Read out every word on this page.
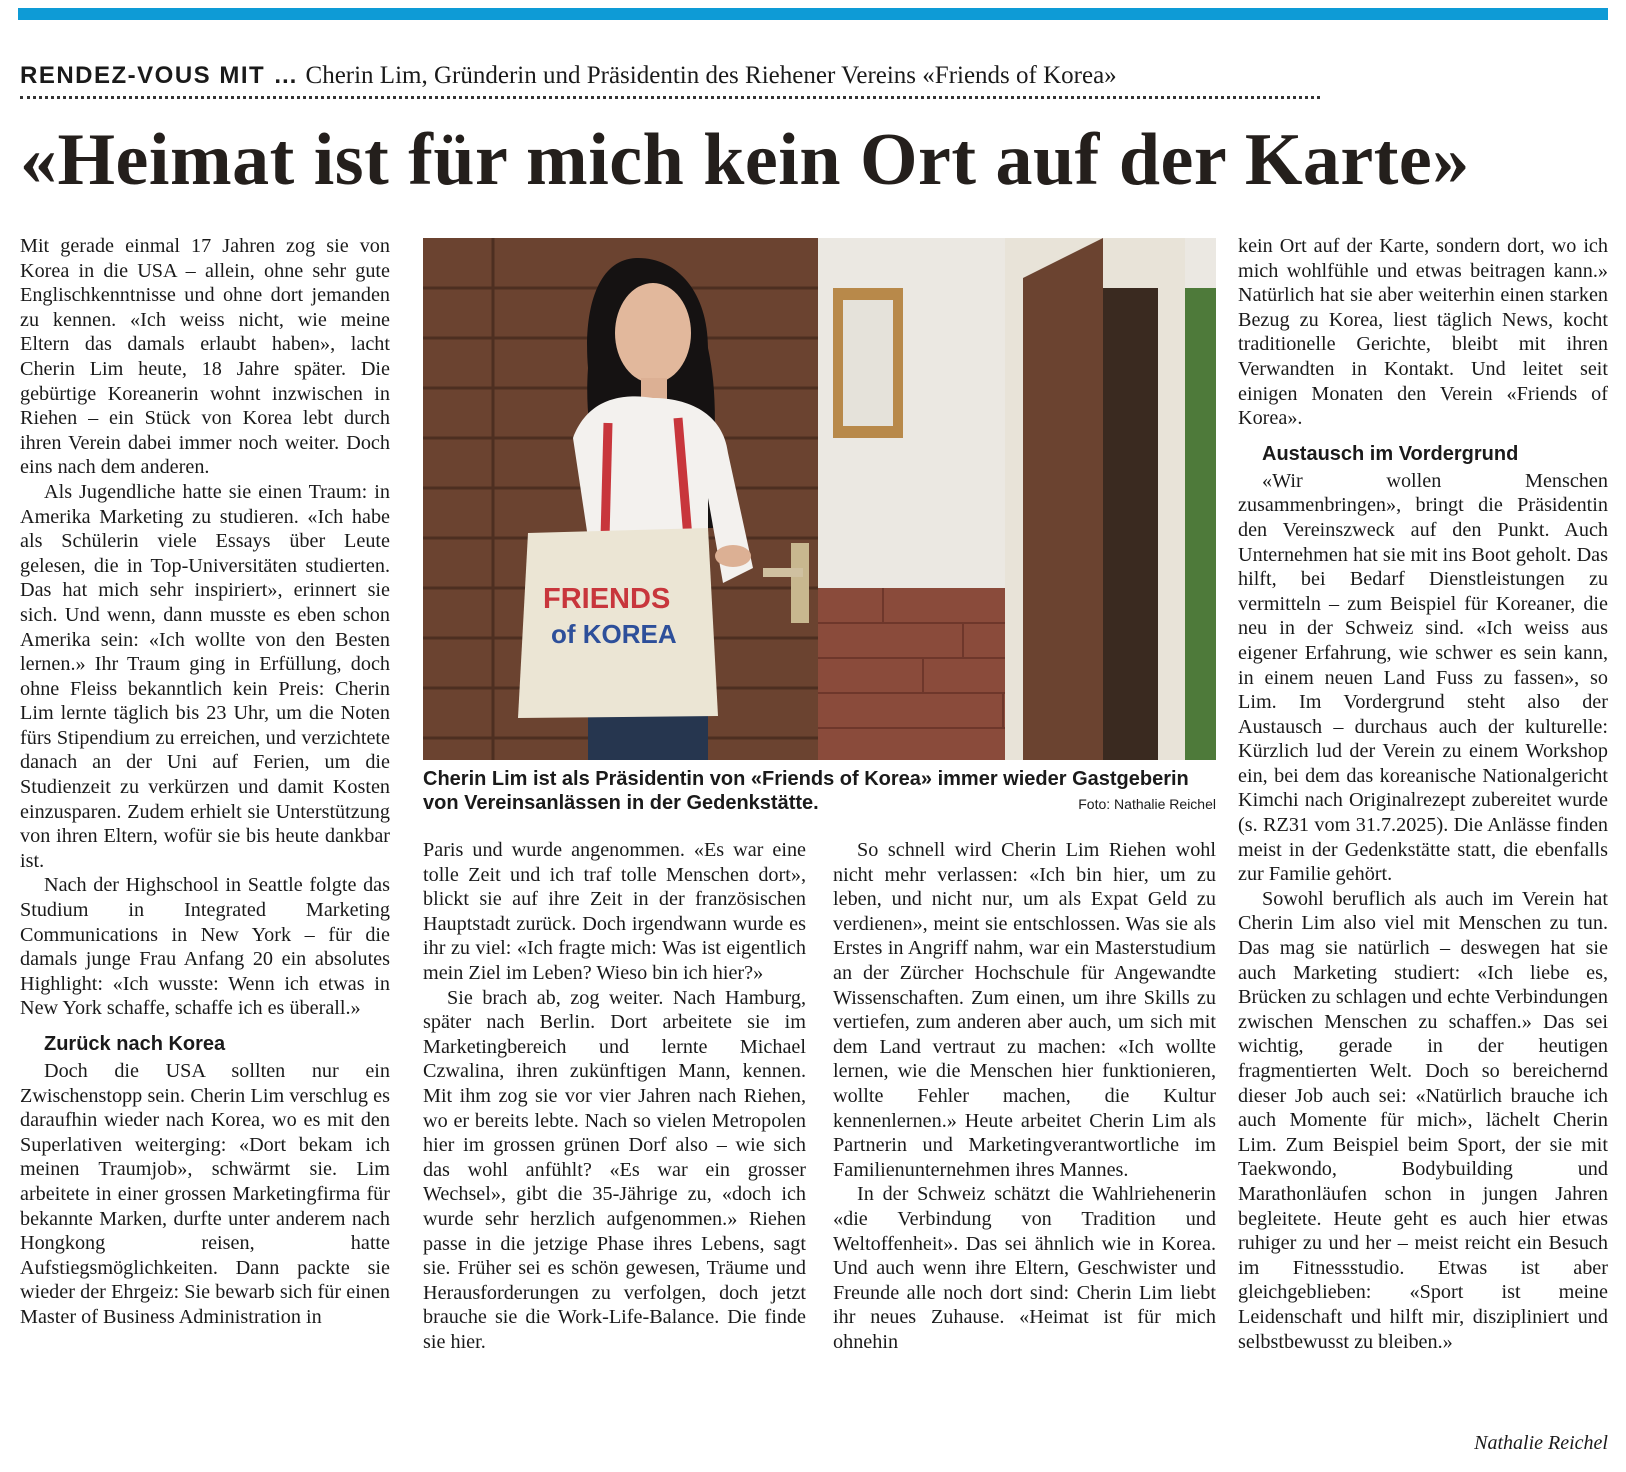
RENDEZ-VOUS MIT … Cherin Lim, Gründerin und Präsidentin des Riehener Vereins «Friends of Korea»
«Heimat ist für mich kein Ort auf der Karte»

Mit gerade einmal 17 Jahren zog sie von Korea in die USA – allein, ohne sehr gute Englischkenntnisse und ohne dort jemanden zu kennen. «Ich weiss nicht, wie meine Eltern das damals erlaubt haben», lacht Cherin Lim heute, 18 Jahre später. Die gebürtige Koreanerin wohnt inzwischen in Riehen – ein Stück von Korea lebt durch ihren Verein dabei immer noch weiter. Doch eins nach dem anderen.

Als Jugendliche hatte sie einen Traum: in Amerika Marketing zu studieren. «Ich habe als Schülerin viele Essays über Leute gelesen, die in Top-Universitäten studierten. Das hat mich sehr inspiriert», erinnert sie sich. Und wenn, dann musste es eben schon Amerika sein: «Ich wollte von den Besten lernen.» Ihr Traum ging in Erfüllung, doch ohne Fleiss bekanntlich kein Preis: Cherin Lim lernte täglich bis 23 Uhr, um die Noten fürs Stipendium zu erreichen, und verzichtete danach an der Uni auf Ferien, um die Studienzeit zu verkürzen und damit Kosten einzusparen. Zudem erhielt sie Unterstützung von ihren Eltern, wofür sie bis heute dankbar ist.

Nach der Highschool in Seattle folgte das Studium in Integrated Marketing Communications in New York – für die damals junge Frau Anfang 20 ein absolutes Highlight: «Ich wusste: Wenn ich etwas in New York schaffe, schaffe ich es überall.»

Zurück nach Korea

Doch die USA sollten nur ein Zwischenstopp sein. Cherin Lim verschlug es daraufhin wieder nach Korea, wo es mit den Superlativen weiterging: «Dort bekam ich meinen Traumjob», schwärmt sie. Lim arbeitete in einer grossen Marketingfirma für bekannte Marken, durfte unter anderem nach Hongkong reisen, hatte Aufstiegsmöglichkeiten. Dann packte sie wieder der Ehrgeiz: Sie bewarb sich für einen Master of Business Administration in

FRIENDS
of KOREA
Cherin Lim ist als Präsidentin von «Friends of Korea» immer wieder Gastgeberin von Vereinsanlässen in der Gedenkstätte.	Foto: Nathalie Reichel

Paris und wurde angenommen. «Es war eine tolle Zeit und ich traf tolle Menschen dort», blickt sie auf ihre Zeit in der französischen Hauptstadt zurück. Doch irgendwann wurde es ihr zu viel: «Ich fragte mich: Was ist eigentlich mein Ziel im Leben? Wieso bin ich hier?»

Sie brach ab, zog weiter. Nach Hamburg, später nach Berlin. Dort arbeitete sie im Marketingbereich und lernte Michael Czwalina, ihren zukünftigen Mann, kennen. Mit ihm zog sie vor vier Jahren nach Riehen, wo er bereits lebte. Nach so vielen Metropolen hier im grossen grünen Dorf also – wie sich das wohl anfühlt? «Es war ein grosser Wechsel», gibt die 35-Jährige zu, «doch ich wurde sehr herzlich aufgenommen.» Riehen passe in die jetzige Phase ihres Lebens, sagt sie. Früher sei es schön gewesen, Träume und Herausforderungen zu verfolgen, doch jetzt brauche sie die Work-Life-Balance. Die finde sie hier.

So schnell wird Cherin Lim Riehen wohl nicht mehr verlassen: «Ich bin hier, um zu leben, und nicht nur, um als Expat Geld zu verdienen», meint sie entschlossen. Was sie als Erstes in Angriff nahm, war ein Masterstudium an der Zürcher Hochschule für Angewandte Wissenschaften. Zum einen, um ihre Skills zu vertiefen, zum anderen aber auch, um sich mit dem Land vertraut zu machen: «Ich wollte lernen, wie die Menschen hier funktionieren, wollte Fehler machen, die Kultur kennenlernen.» Heute arbeitet Cherin Lim als Partnerin und Marketingverantwortliche im Familienunternehmen ihres Mannes.

In der Schweiz schätzt die Wahlriehenerin «die Verbindung von Tradition und Weltoffenheit». Das sei ähnlich wie in Korea. Und auch wenn ihre Eltern, Geschwister und Freunde alle noch dort sind: Cherin Lim liebt ihr neues Zuhause. «Heimat ist für mich ohnehin

kein Ort auf der Karte, sondern dort, wo ich mich wohlfühle und etwas beitragen kann.» Natürlich hat sie aber weiterhin einen starken Bezug zu Korea, liest täglich News, kocht traditionelle Gerichte, bleibt mit ihren Verwandten in Kontakt. Und leitet seit einigen Monaten den Verein «Friends of Korea».

Austausch im Vordergrund

«Wir wollen Menschen zusammenbringen», bringt die Präsidentin den Vereinszweck auf den Punkt. Auch Unternehmen hat sie mit ins Boot geholt. Das hilft, bei Bedarf Dienstleistungen zu vermitteln – zum Beispiel für Koreaner, die neu in der Schweiz sind. «Ich weiss aus eigener Erfahrung, wie schwer es sein kann, in einem neuen Land Fuss zu fassen», so Lim. Im Vordergrund steht also der Austausch – durchaus auch der kulturelle: Kürzlich lud der Verein zu einem Workshop ein, bei dem das koreanische Nationalgericht Kimchi nach Originalrezept zubereitet wurde (s. RZ31 vom 31.7.2025). Die Anlässe finden meist in der Gedenkstätte statt, die ebenfalls zur Familie gehört.

Sowohl beruflich als auch im Verein hat Cherin Lim also viel mit Menschen zu tun. Das mag sie natürlich – deswegen hat sie auch Marketing studiert: «Ich liebe es, Brücken zu schlagen und echte Verbindungen zwischen Menschen zu schaffen.» Das sei wichtig, gerade in der heutigen fragmentierten Welt. Doch so bereichernd dieser Job auch sei: «Natürlich brauche ich auch Momente für mich», lächelt Cherin Lim. Zum Beispiel beim Sport, der sie mit Taekwondo, Bodybuilding und Marathonläufen schon in jungen Jahren begleitete. Heute geht es auch hier etwas ruhiger zu und her – meist reicht ein Besuch im Fitnessstudio. Etwas ist aber gleichgeblieben: «Sport ist meine Leidenschaft und hilft mir, diszipliniert und selbstbewusst zu bleiben.»

Nathalie Reichel
